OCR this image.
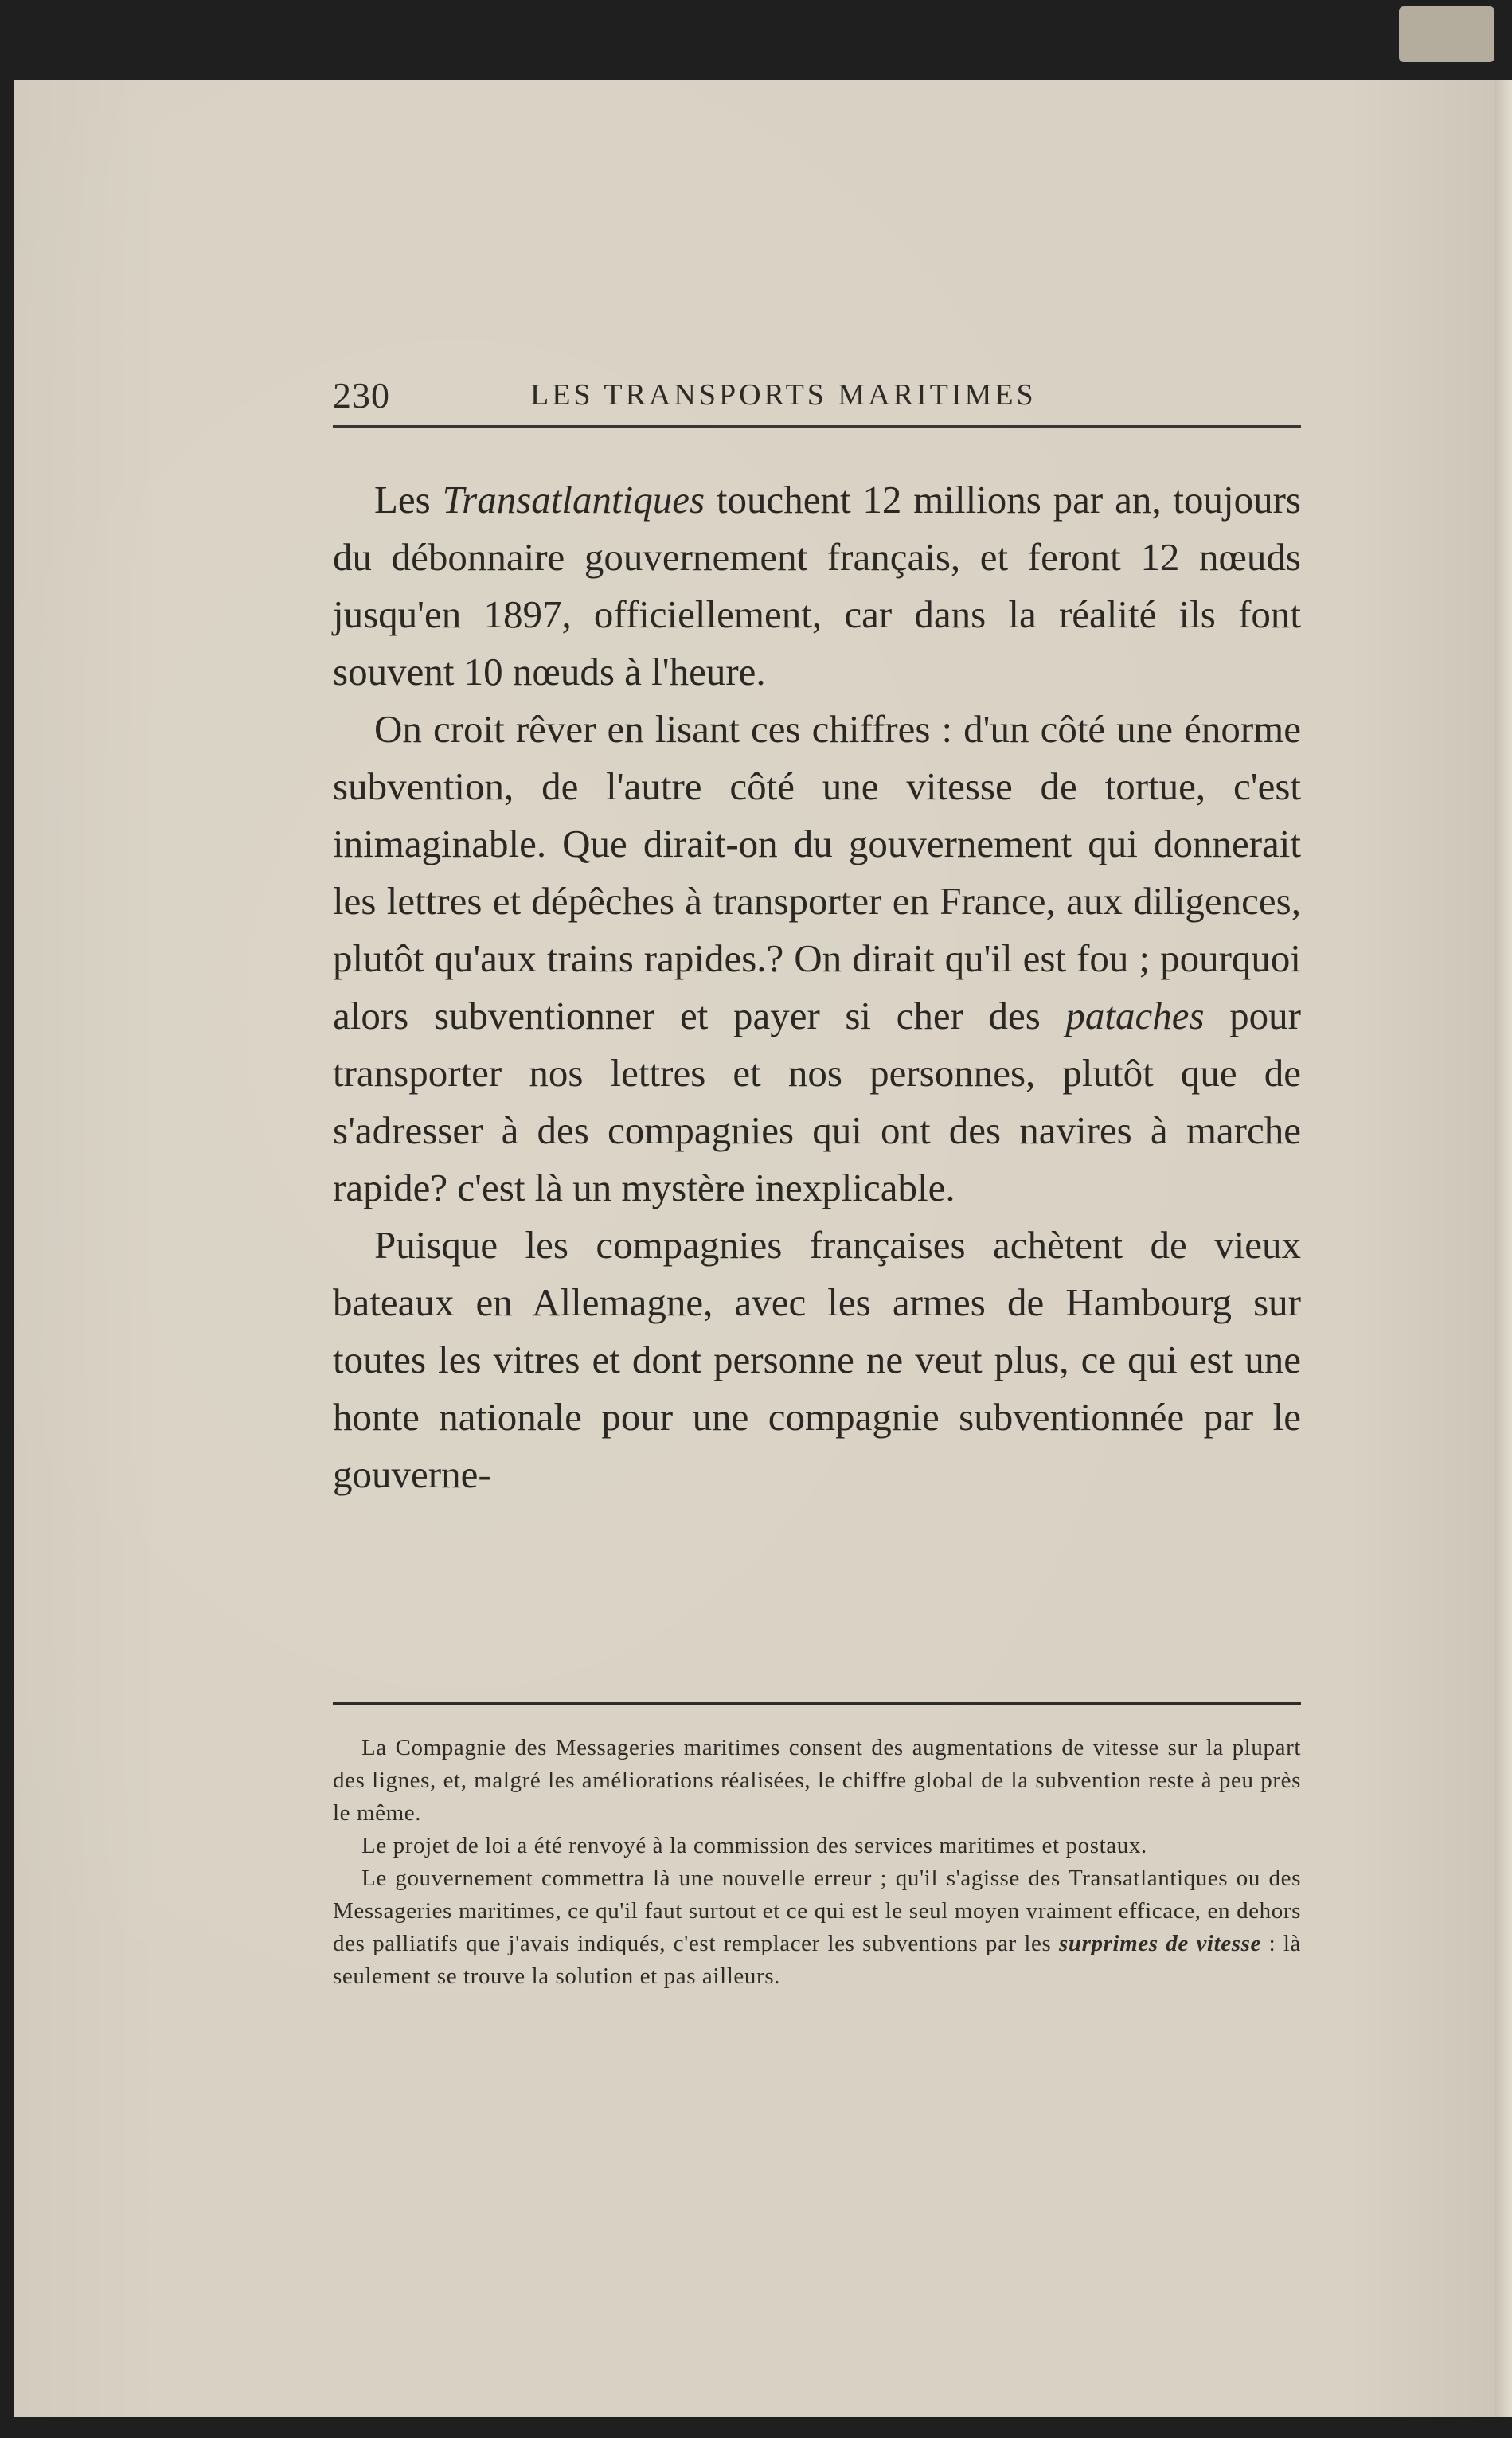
230	LES TRANSPORTS MARITIMES

Les Transatlantiques touchent 12 millions par an, toujours du débonnaire gouvernement français, et feront 12 nœuds jusqu'en 1897, officiellement, car dans la réalité ils font souvent 10 nœuds à l'heure.

On croit rêver en lisant ces chiffres : d'un côté une énorme subvention, de l'autre côté une vitesse de tortue, c'est inimaginable. Que dirait-on du gouvernement qui donnerait les lettres et dépêches à transporter en France, aux diligences, plutôt qu'aux trains rapides.? On dirait qu'il est fou ; pourquoi alors subventionner et payer si cher des pataches pour transporter nos lettres et nos personnes, plutôt que de s'adresser à des compagnies qui ont des navires à marche rapide? c'est là un mystère inexplicable.

Puisque les compagnies françaises achètent de vieux bateaux en Allemagne, avec les armes de Hambourg sur toutes les vitres et dont personne ne veut plus, ce qui est une honte nationale pour une compagnie subventionnée par le gouverne-

La Compagnie des Messageries maritimes consent des augmentations de vitesse sur la plupart des lignes, et, malgré les améliorations réalisées, le chiffre global de la subvention reste à peu près le même.

Le projet de loi a été renvoyé à la commission des services maritimes et postaux.

Le gouvernement commettra là une nouvelle erreur ; qu'il s'agisse des Transatlantiques ou des Messageries maritimes, ce qu'il faut surtout et ce qui est le seul moyen vraiment efficace, en dehors des palliatifs que j'avais indiqués, c'est remplacer les subventions par les surprimes de vitesse : là seulement se trouve la solution et pas ailleurs.
